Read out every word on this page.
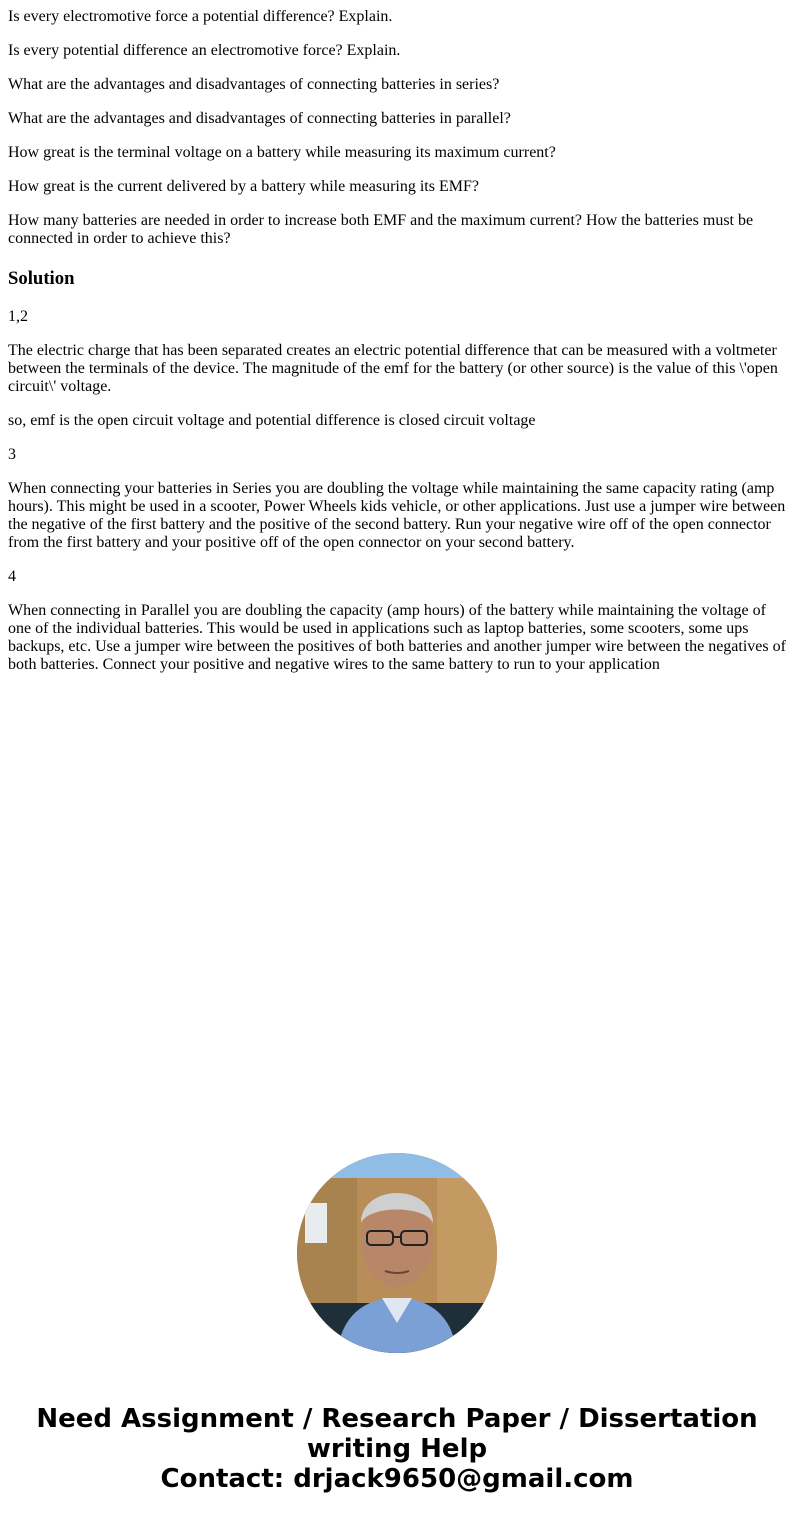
Is every electromotive force a potential difference? Explain.

Is every potential difference an electromotive force? Explain.

What are the advantages and disadvantages of connecting batteries in series?

What are the advantages and disadvantages of connecting batteries in parallel?

How great is the terminal voltage on a battery while measuring its maximum current?

How great is the current delivered by a battery while measuring its EMF?

How many batteries are needed in order to increase both EMF and the maximum current? How the batteries must be connected in order to achieve this?

Solution

1,2

The electric charge that has been separated creates an electric potential difference that can be measured with a voltmeter between the terminals of the device. The magnitude of the emf for the battery (or other source) is the value of this \'open circuit\' voltage.

so, emf is the open circuit voltage and potential difference is closed circuit voltage

3

When connecting your batteries in Series you are doubling the voltage while maintaining the same capacity rating (amp hours). This might be used in a scooter, Power Wheels kids vehicle, or other applications. Just use a jumper wire between the negative of the first battery and the positive of the second battery. Run your negative wire off of the open connector from the first battery and your positive off of the open connector on your second battery.

4

When connecting in Parallel you are doubling the capacity (amp hours) of the battery while maintaining the voltage of one of the individual batteries. This would be used in applications such as laptop batteries, some scooters, some ups backups, etc. Use a jumper wire between the positives of both batteries and another jumper wire between the negatives of both batteries. Connect your positive and negative wires to the same battery to run to your application

Need Assignment / Research Paper / Dissertation
writing Help
Contact: drjack9650@gmail.com
